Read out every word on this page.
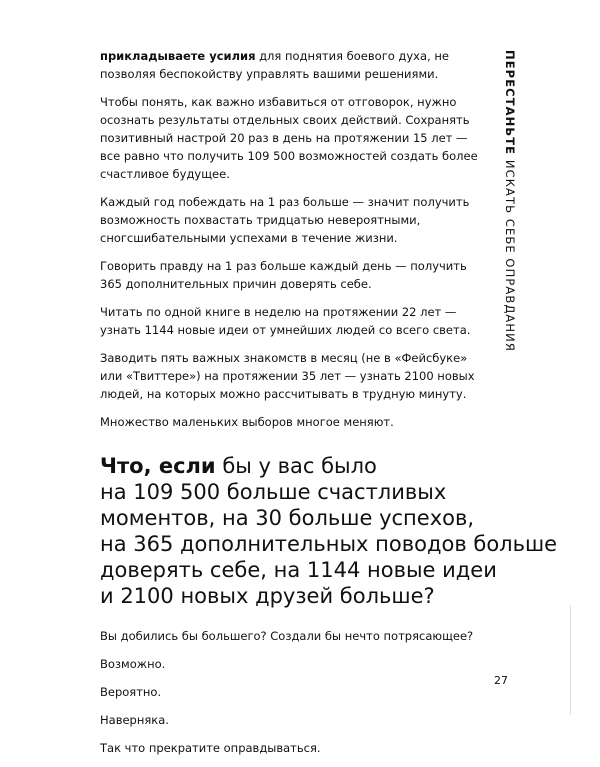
прикладываете усилия для поднятия боевого духа, не позволяя беспокойству управлять вашими решениями.

Чтобы понять, как важно избавиться от отговорок, нужно осознать результаты отдельных своих действий. Сохранять позитивный настрой 20 раз в день на протяжении 15 лет — все равно что получить 109 500 возможностей создать более счастливое будущее.

Каждый год побеждать на 1 раз больше — значит получить возможность похвастать тридцатью невероятными, сногсшибательными успехами в течение жизни.

Говорить правду на 1 раз больше каждый день — получить 365 дополнительных причин доверять себе.

Читать по одной книге в неделю на протяжении 22 лет — узнать 1144 новые идеи от умнейших людей со всего света.

Заводить пять важных знакомств в месяц (не в «Фейсбуке» или «Твиттере») на протяжении 35 лет — узнать 2100 новых людей, на которых можно рассчитывать в трудную минуту.

Множество маленьких выборов многое меняют.

Что, если бы у вас было
на 109 500 больше счастливых
моментов, на 30 больше успехов,
на 365 дополнительных поводов больше
доверять себе, на 1144 новые идеи
и 2100 новых друзей больше?

Вы добились бы большего? Создали бы нечто потрясающее?

Возможно.

Вероятно.

Наверняка.

Так что прекратите оправдываться.

ПЕРЕСТАНЬТЕ ИСКАТЬ СЕБЕ ОПРАВДАНИЯ
27
